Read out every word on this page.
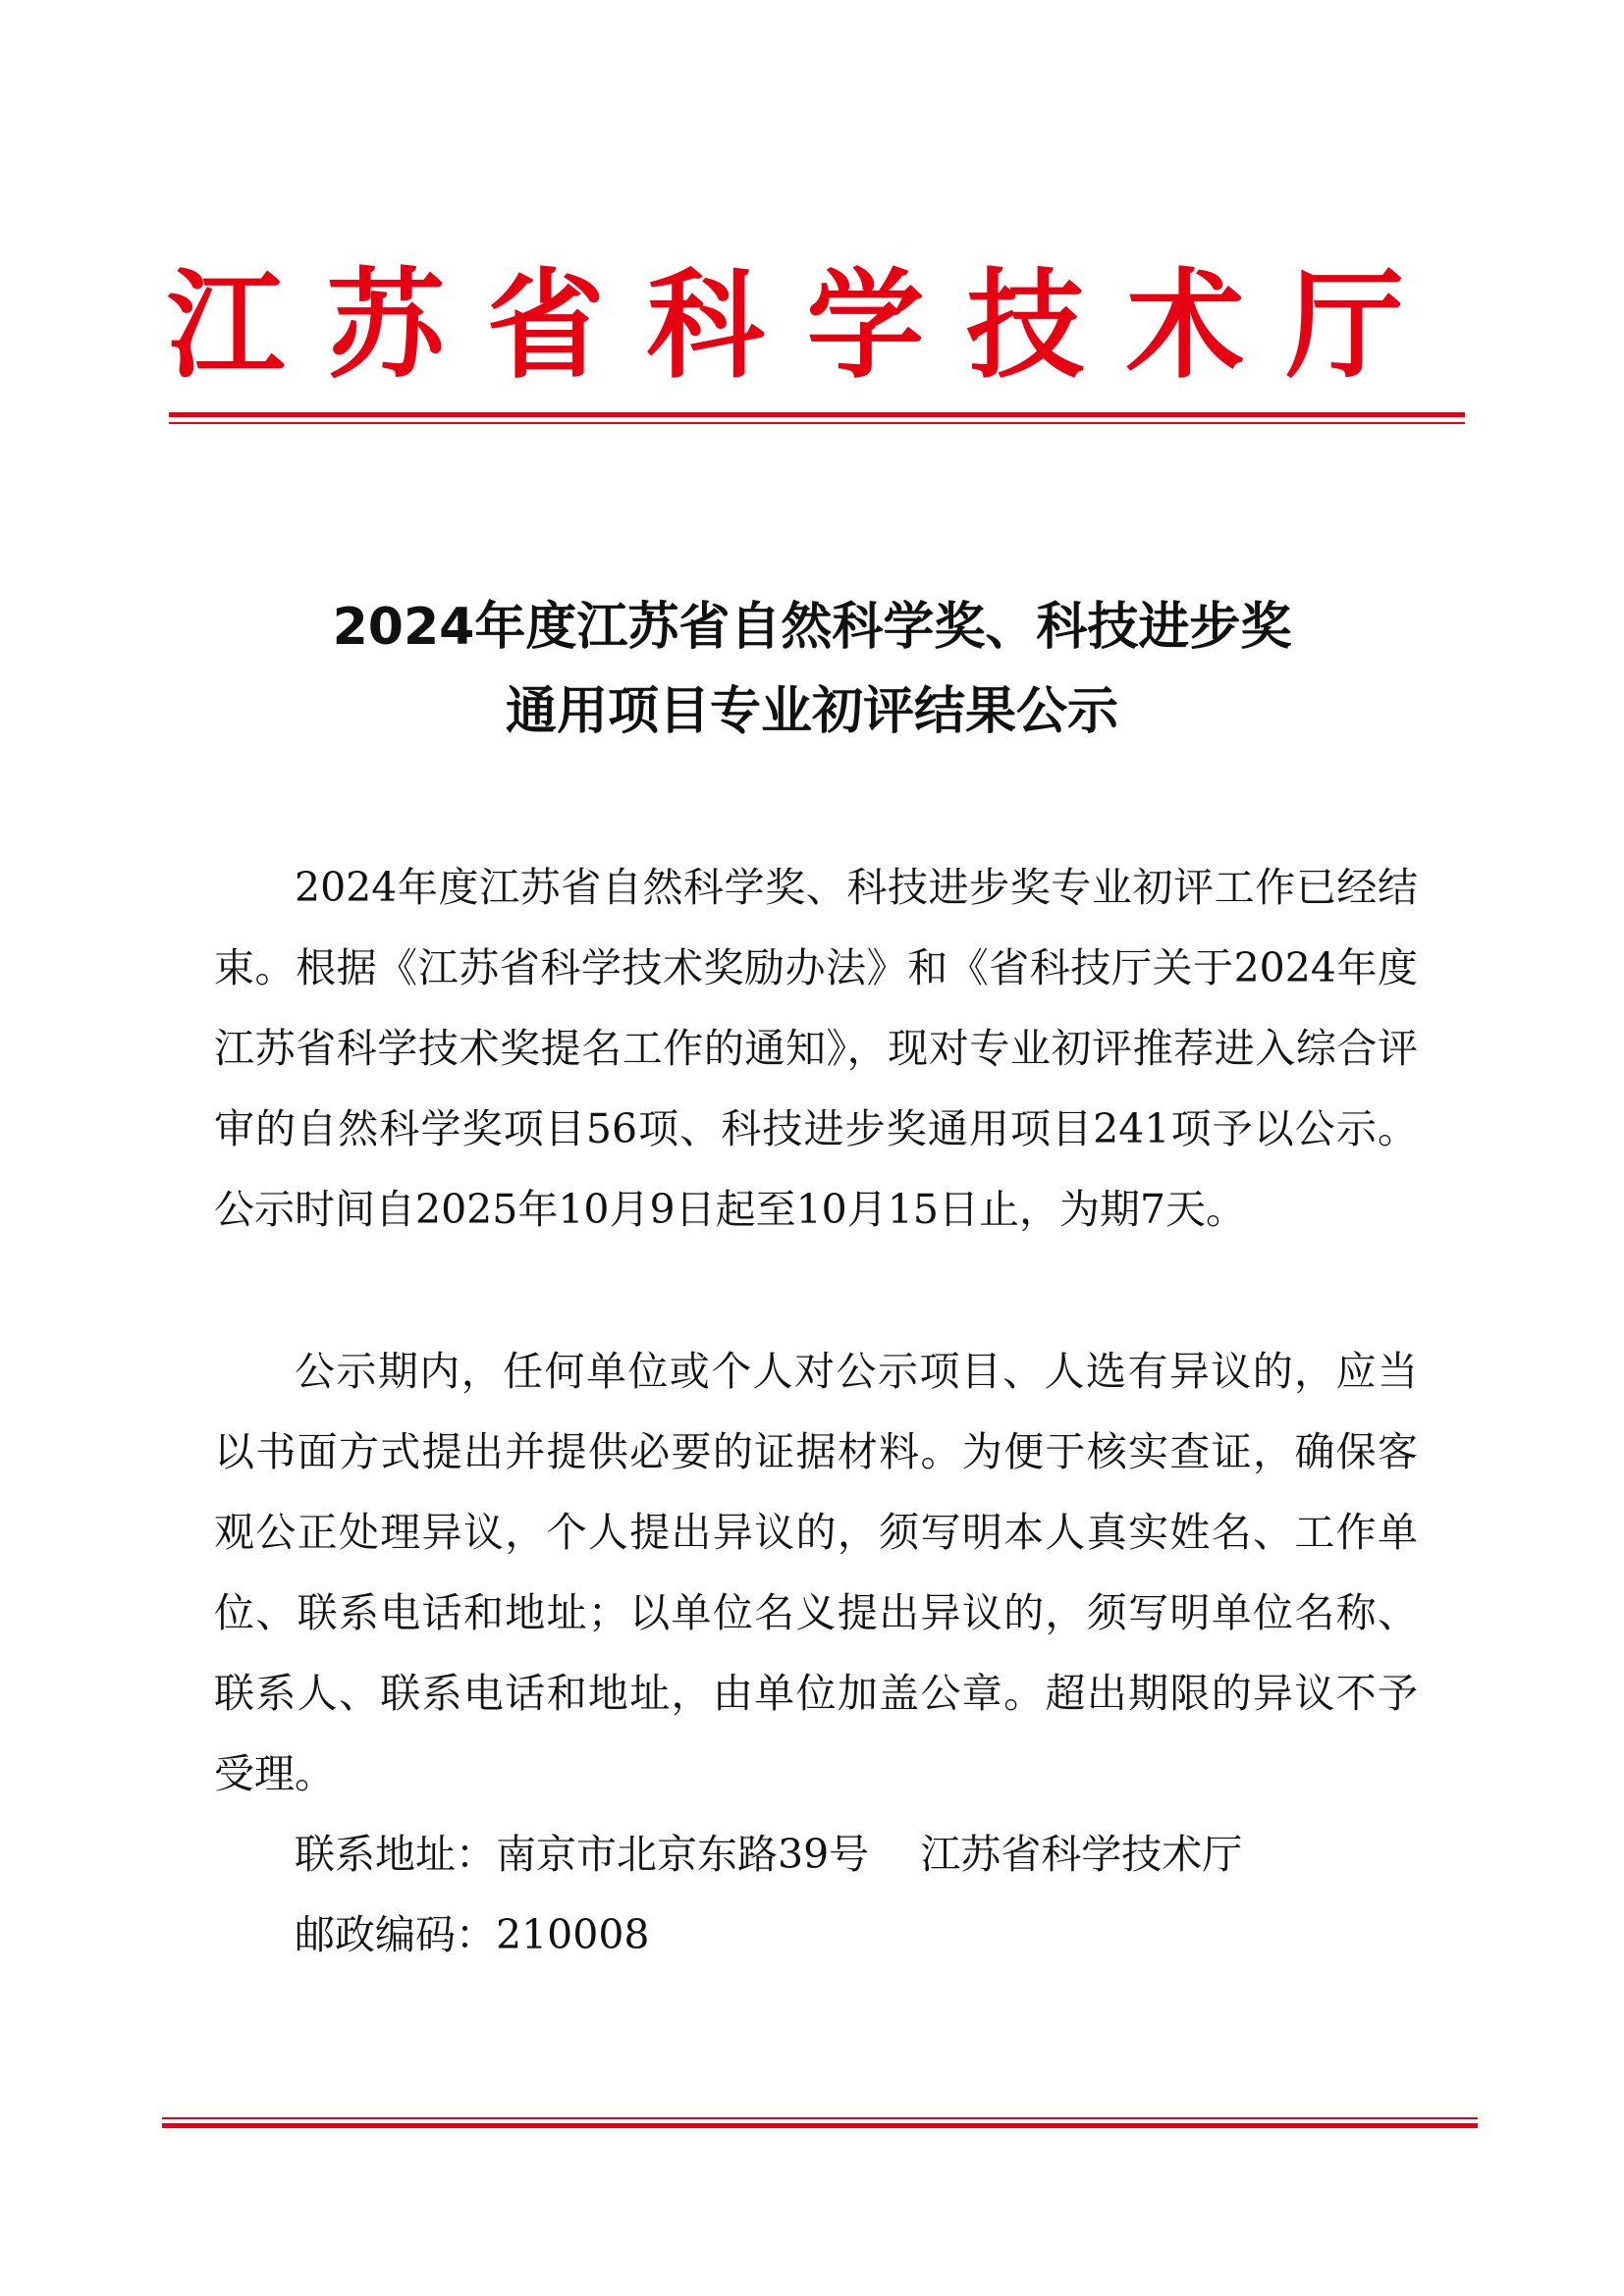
江 苏 省 科 学 技 术 厅
2024年度江苏省自然科学奖、科技进步奖
通用项目专业初评结果公示

2024年度江苏省自然科学奖、科技进步奖专业初评工作已经结束。根据《江苏省科学技术奖励办法》和《省科技厅关于2024年度江苏省科学技术奖提名工作的通知》，现对专业初评推荐进入综合评审的自然科学奖项目56项、科技进步奖通用项目241项予以公示。公示时间自2025年10月9日起至10月15日止，为期7天。

公示期内，任何单位或个人对公示项目、人选有异议的，应当以书面方式提出并提供必要的证据材料。为便于核实查证，确保客观公正处理异议，个人提出异议的，须写明本人真实姓名、工作单位、联系电话和地址；以单位名义提出异议的，须写明单位名称、联系人、联系电话和地址，由单位加盖公章。超出期限的异议不予受理。

联系地址：南京市北京东路39号 江苏省科学技术厅
邮政编码：210008
